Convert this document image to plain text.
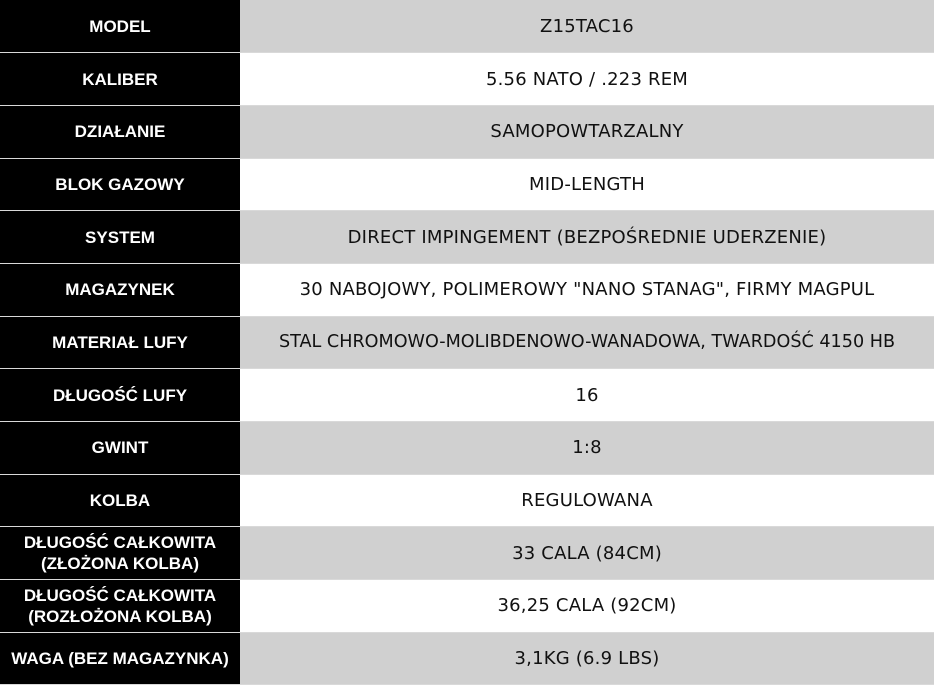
MODEL	Z15TAC16
KALIBER	5.56 NATO / .223 REM
DZIAŁANIE	SAMOPOWTARZALNY
BLOK GAZOWY	MID-LENGTH
SYSTEM	DIRECT IMPINGEMENT (BEZPOŚREDNIE UDERZENIE)
MAGAZYNEK	30 NABOJOWY, POLIMEROWY "NANO STANAG", FIRMY MAGPUL
MATERIAŁ LUFY	STAL CHROMOWO-MOLIBDENOWO-WANADOWA, TWARDOŚĆ 4150 HB
DŁUGOŚĆ LUFY	16
GWINT	1:8
KOLBA	REGULOWANA
DŁUGOŚĆ CAŁKOWITA
(ZŁOŻONA KOLBA)	33 CALA (84CM)
DŁUGOŚĆ CAŁKOWITA
(ROZŁOŻONA KOLBA)	36,25 CALA (92CM)
WAGA (BEZ MAGAZYNKA)	3,1KG (6.9 LBS)
